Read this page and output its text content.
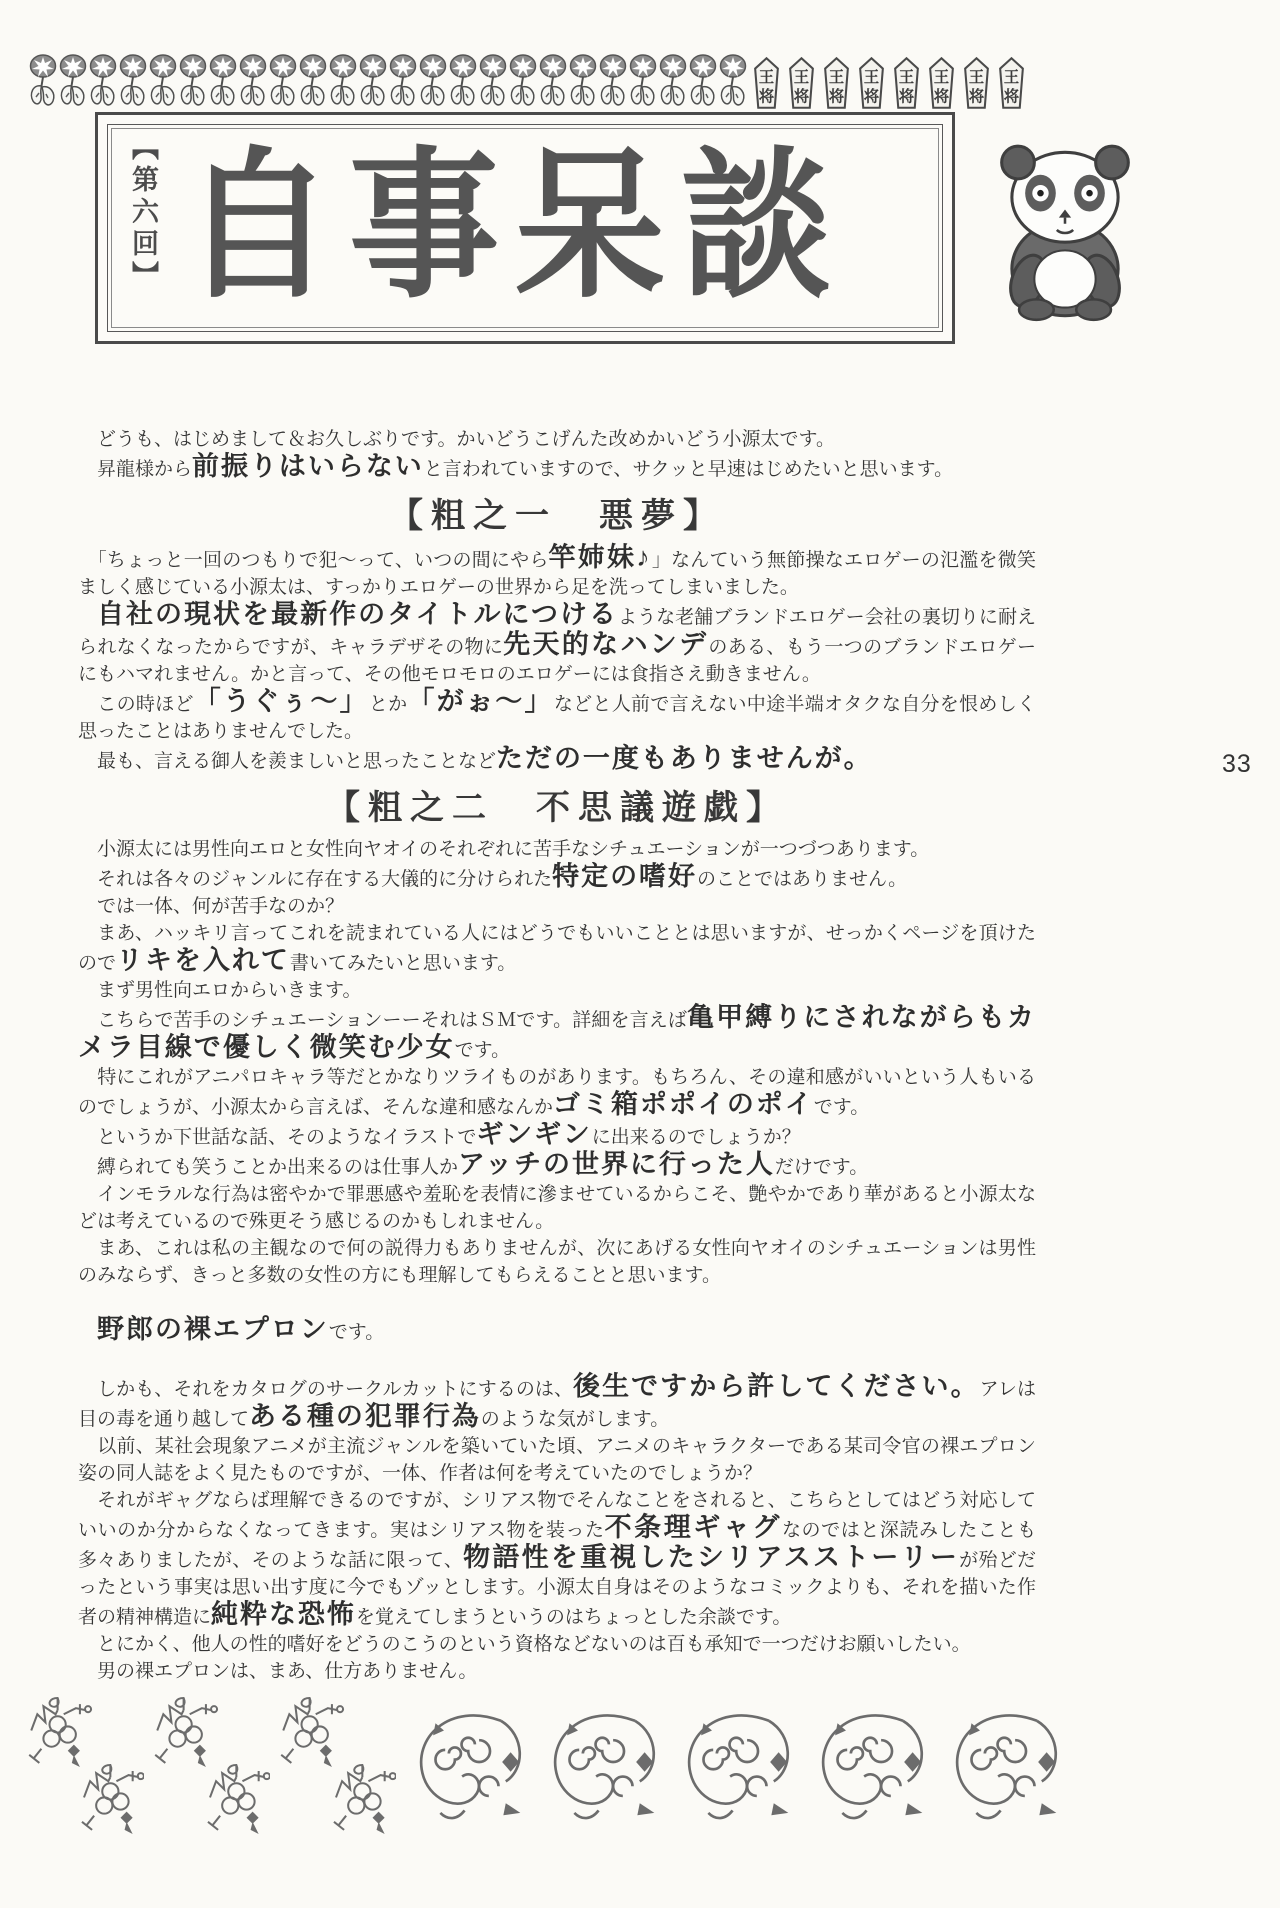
【第六回】 自事呆談

　どうも、はじめまして＆お久しぶりです。かいどうこげんた改めかいどう小源太です。

　昇龍様から前振りはいらないと言われていますので、サクッと早速はじめたいと思います。

【粗之一　悪夢】

　「ちょっと一回のつもりで犯〜って、いつの間にやら竿姉妹♪」なんていう無節操なエロゲーの氾濫を微笑ましく感じている小源太は、すっかりエロゲーの世界から足を洗ってしまいました。

　自社の現状を最新作のタイトルにつけるような老舗ブランドエロゲー会社の裏切りに耐えられなくなったからですが、キャラデザその物に先天的なハンデのある、もう一つのブランドエロゲーにもハマれません。かと言って、その他モロモロのエロゲーには食指さえ動きません。

　この時ほど「うぐぅ〜」とか「がぉ〜」などと人前で言えない中途半端オタクな自分を恨めしく思ったことはありませんでした。

　最も、言える御人を羨ましいと思ったことなどただの一度もありませんが。

【粗之二　不思議遊戯】

　小源太には男性向エロと女性向ヤオイのそれぞれに苦手なシチュエーションが一つづつあります。

　それは各々のジャンルに存在する大儀的に分けられた特定の嗜好のことではありません。

　では一体、何が苦手なのか？

　まあ、ハッキリ言ってこれを読まれている人にはどうでもいいこととは思いますが、せっかくページを頂けたのでリキを入れて書いてみたいと思います。

　まず男性向エロからいきます。

　こちらで苦手のシチュエーションーーそれはＳＭです。詳細を言えば亀甲縛りにされながらもカメラ目線で優しく微笑む少女です。

　特にこれがアニパロキャラ等だとかなりツライものがあります。もちろん、その違和感がいいという人もいるのでしょうが、小源太から言えば、そんな違和感なんかゴミ箱ポポイのポイです。

　というか下世話な話、そのようなイラストでギンギンに出来るのでしょうか？

　縛られても笑うことか出来るのは仕事人かアッチの世界に行った人だけです。

　インモラルな行為は密やかで罪悪感や羞恥を表情に滲ませているからこそ、艶やかであり華があると小源太などは考えているので殊更そう感じるのかもしれません。

　まあ、これは私の主観なので何の説得力もありませんが、次にあげる女性向ヤオイのシチュエーションは男性のみならず、きっと多数の女性の方にも理解してもらえることと思います。

　野郎の裸エプロンです。

　しかも、それをカタログのサークルカットにするのは、後生ですから許してください。アレは目の毒を通り越してある種の犯罪行為のような気がします。

　以前、某社会現象アニメが主流ジャンルを築いていた頃、アニメのキャラクターである某司令官の裸エプロン姿の同人誌をよく見たものですが、一体、作者は何を考えていたのでしょうか？

　それがギャグならば理解できるのですが、シリアス物でそんなことをされると、こちらとしてはどう対応していいのか分からなくなってきます。実はシリアス物を装った不条理ギャグなのではと深読みしたことも多々ありましたが、そのような話に限って、物語性を重視したシリアスストーリーが殆どだったという事実は思い出す度に今でもゾッとします。小源太自身はそのようなコミックよりも、それを描いた作者の精神構造に純粋な恐怖を覚えてしまうというのはちょっとした余談です。

　とにかく、他人の性的嗜好をどうのこうのという資格などないのは百も承知で一つだけお願いしたい。

　男の裸エプロンは、まあ、仕方ありません。

33
